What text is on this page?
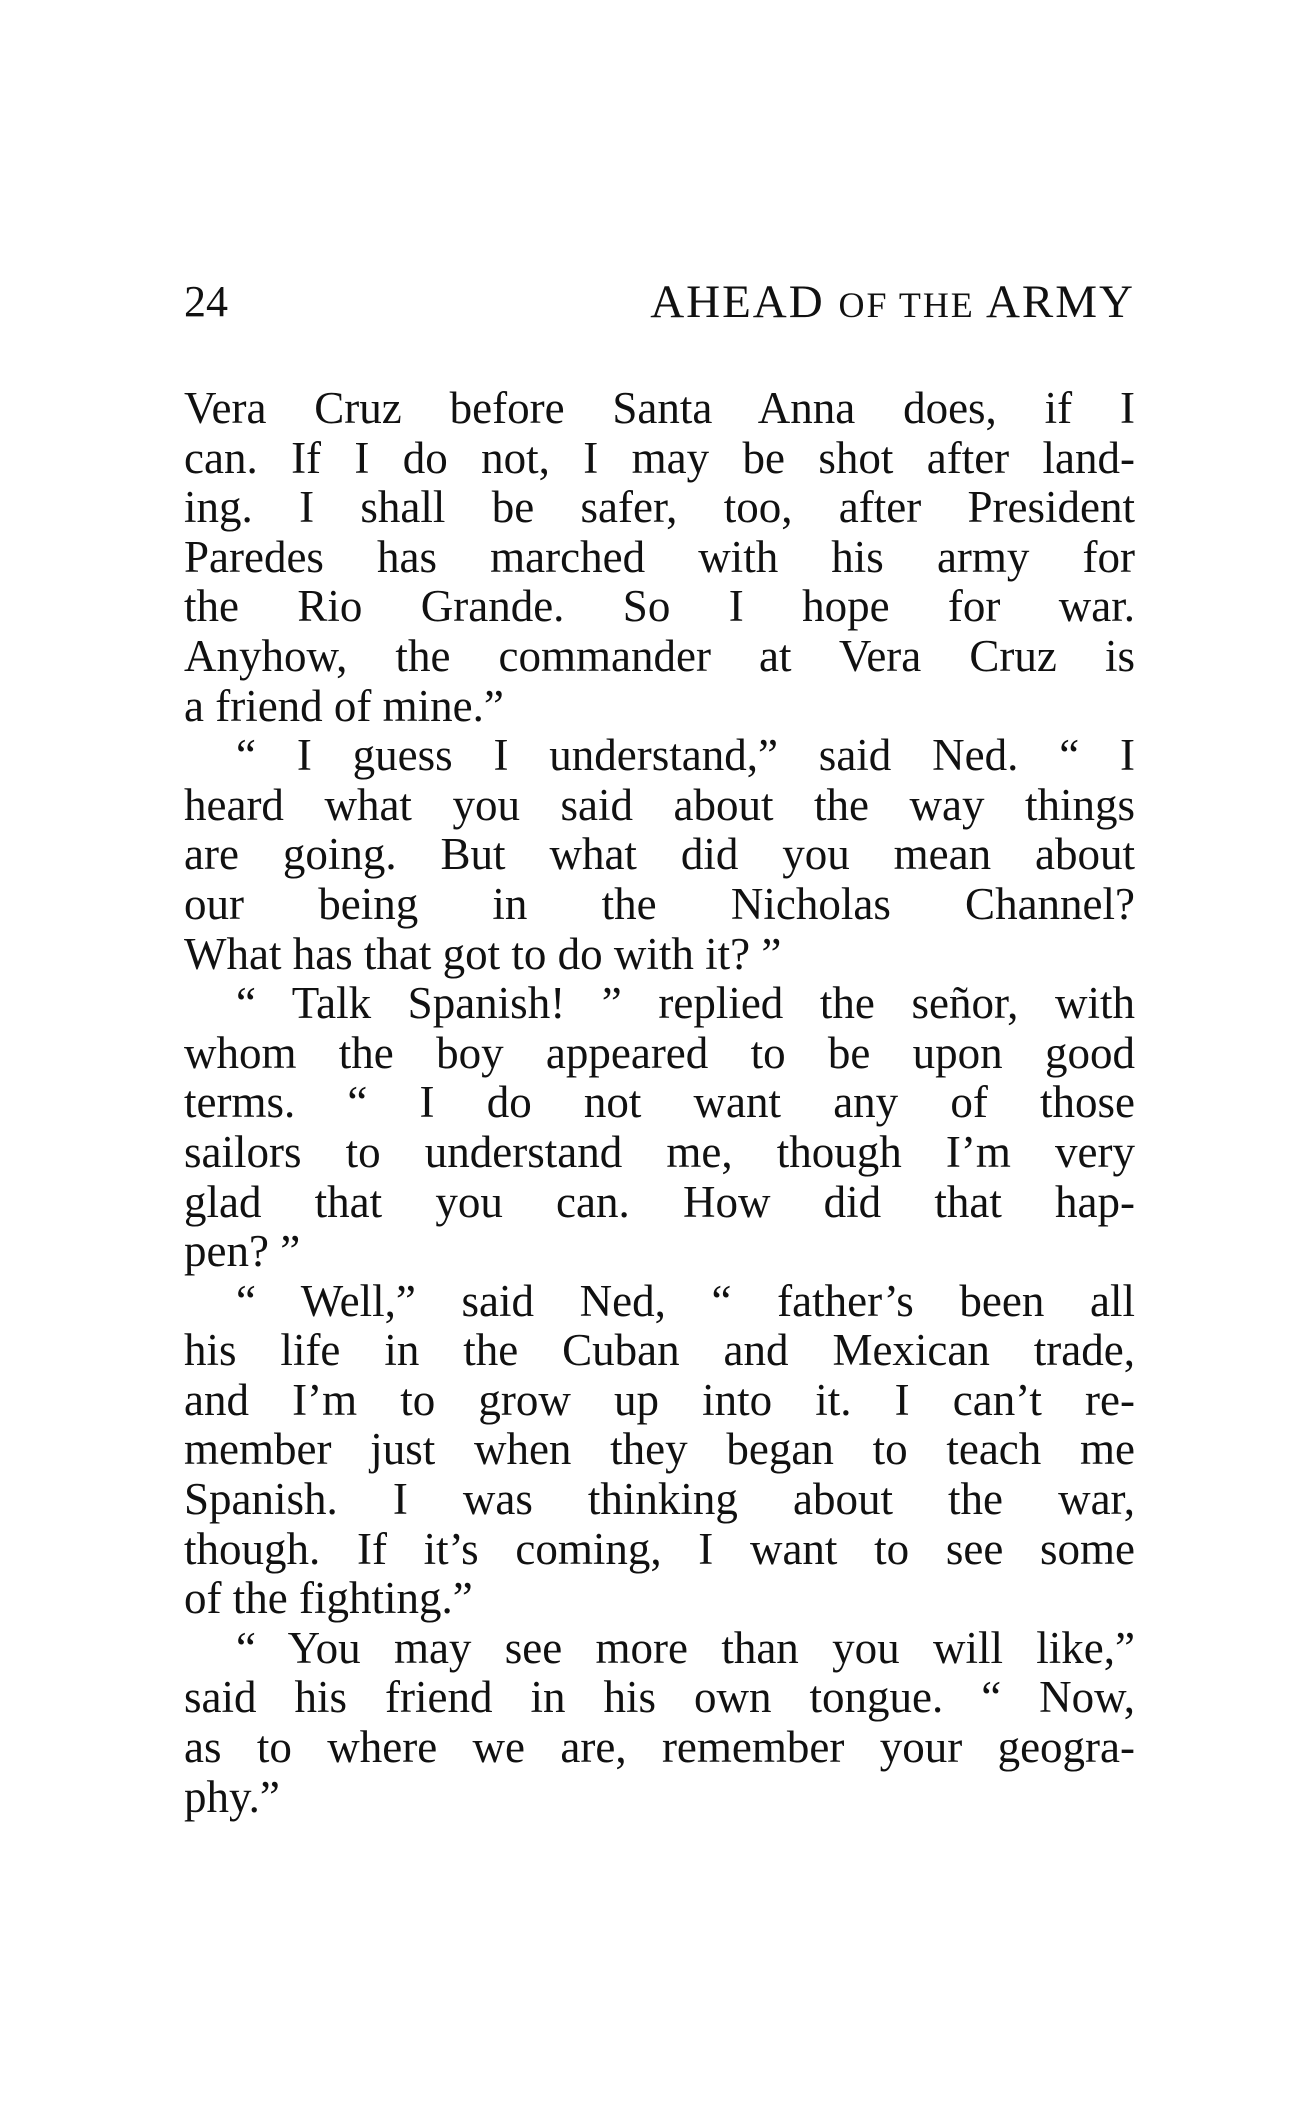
24	AHEAD OF THE ARMY
Vera Cruz before Santa Anna does, if I
can. If I do not, I may be shot after land-
ing. I shall be safer, too, after President
Paredes has marched with his army for
the Rio Grande. So I hope for war.
Anyhow, the commander at Vera Cruz is
a friend of mine.”
“ I guess I understand,” said Ned. “ I
heard what you said about the way things
are going. But what did you mean about
our being in the Nicholas Channel?
What has that got to do with it? ”
“ Talk Spanish! ” replied the señor, with
whom the boy appeared to be upon good
terms. “ I do not want any of those
sailors to understand me, though I’m very
glad that you can. How did that hap-
pen? ”
“ Well,” said Ned, “ father’s been all
his life in the Cuban and Mexican trade,
and I’m to grow up into it. I can’t re-
member just when they began to teach me
Spanish. I was thinking about the war,
though. If it’s coming, I want to see some
of the fighting.”
“ You may see more than you will like,”
said his friend in his own tongue. “ Now,
as to where we are, remember your geogra-
phy.”
